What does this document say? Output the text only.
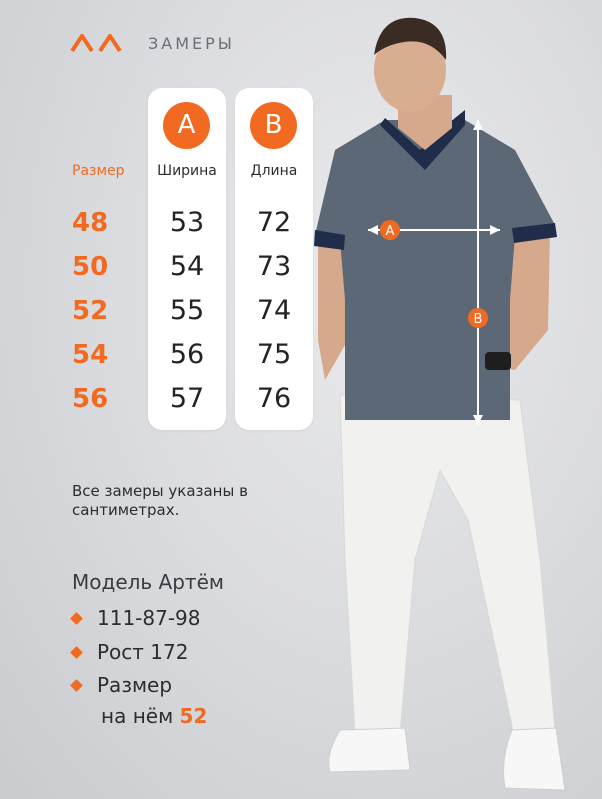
ЗАМЕРЫ
A	B
Размер	Ширина	Длина
48	53	72
50	54	73
52	55	74
54	56	75
56	57	76
Все замеры указаны в сантиметрах.
Модель Артём
111-87-98
Рост 172
Размер
на нём 52
A
B
